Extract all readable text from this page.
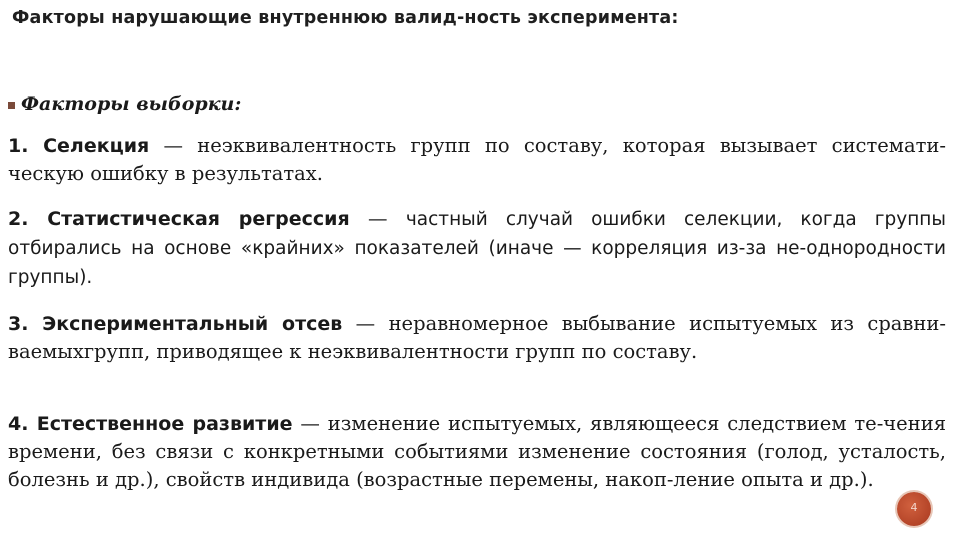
Факторы нарушающие внутреннюю валид-ность эксперимента:
Факторы выборки:
1. Селекция — неэквивалентность групп по составу, которая вызывает системати-ческую ошибку в результатах.
2. Статистическая регрессия — частный случай ошибки селекции, когда группы отбирались на основе «крайних» показателей (иначе — корреляция из-за не-однородности группы).
3. Экспериментальный отсев — неравномерное выбывание испытуемых из сравни-ваемыхгрупп, приводящее к неэквивалентности групп по составу.
4. Естественное развитие — изменение испытуемых, являющееся следствием те-чения времени, без связи с конкретными событиями изменение состояния (голод, усталость, болезнь и др.), свойств индивида (возрастные перемены, накоп-ление опыта и др.).
4
